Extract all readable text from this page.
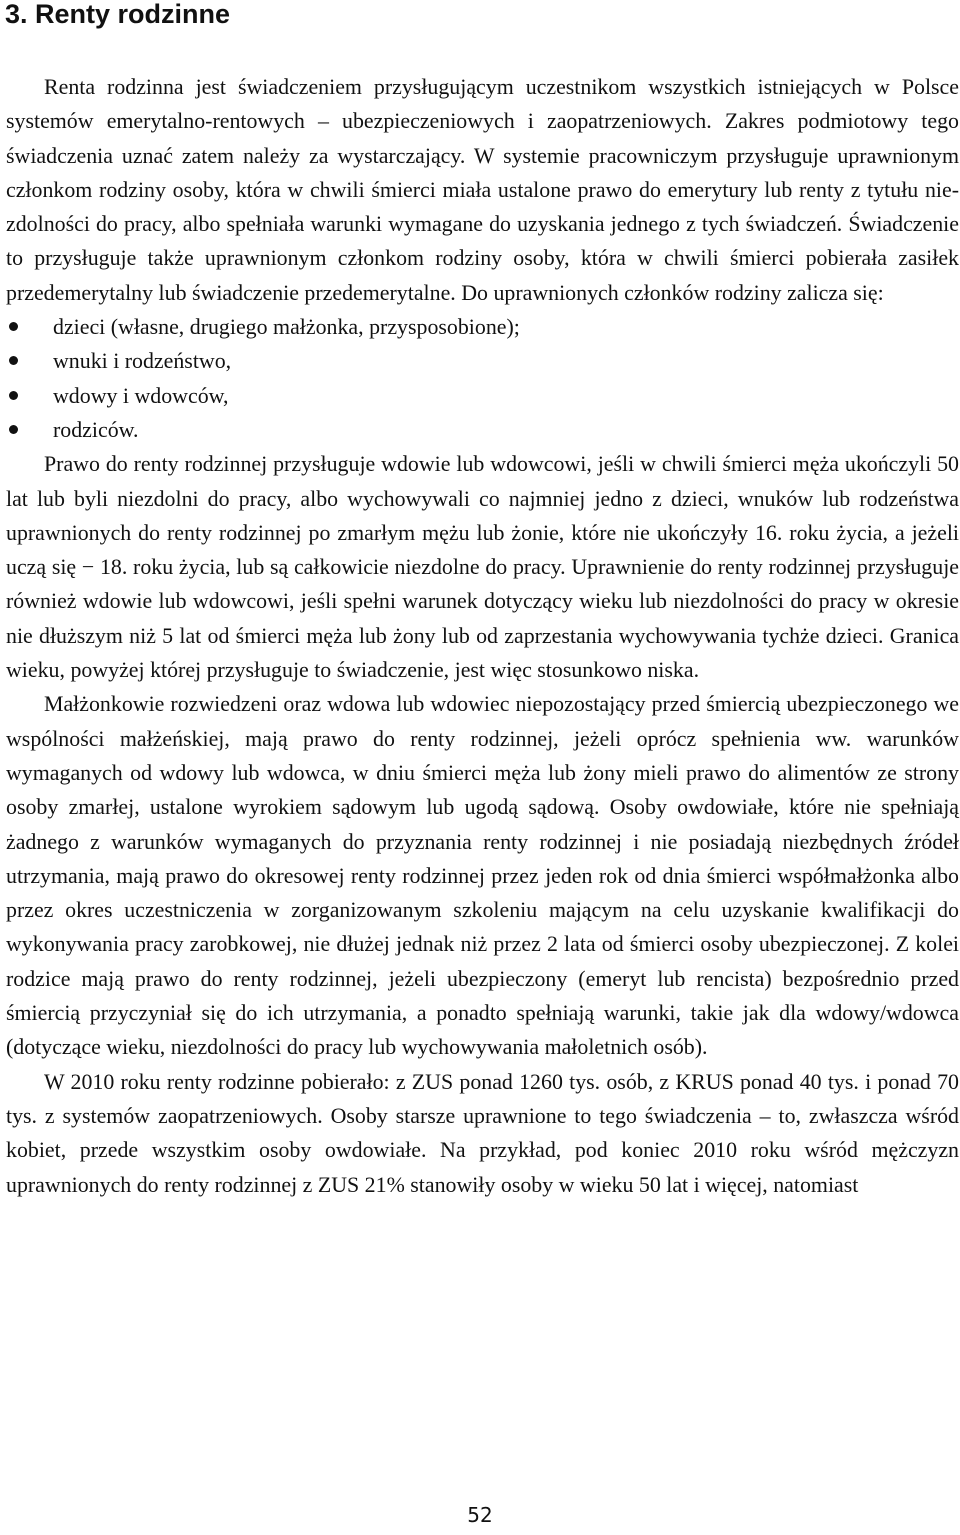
3. Renty rodzinne

Renta rodzinna jest świadczeniem przysługującym uczestnikom wszystkich istniejących w Polsce systemów emerytalno-rentowych – ubezpieczeniowych i zaopatrzeniowych. Zakres podmiotowy tego świadczenia uznać zatem należy za wystarczający. W systemie pracowniczym przysługuje uprawnionym członkom rodziny osoby, która w chwili śmierci miała ustalone prawo do emerytury lub renty z tytułu nie-zdolności do pracy, albo spełniała warunki wymagane do uzyskania jednego z tych świadczeń. Świadczenie to przysługuje także uprawnionym członkom rodziny osoby, która w chwili śmierci pobierała zasiłek przedemerytalny lub świadczenie przedemerytalne. Do uprawnionych członków rodziny zalicza się:

dzieci (własne, drugiego małżonka, przysposobione);
wnuki i rodzeństwo,
wdowy i wdowców,
rodziców.

Prawo do renty rodzinnej przysługuje wdowie lub wdowcowi, jeśli w chwili śmierci męża ukończyli 50 lat lub byli niezdolni do pracy, albo wychowywali co najmniej jedno z dzieci, wnuków lub rodzeństwa uprawnionych do renty rodzinnej po zmarłym mężu lub żonie, które nie ukończyły 16. roku życia, a jeżeli uczą się − 18. roku życia, lub są całkowicie niezdolne do pracy. Uprawnienie do renty rodzinnej przysługuje również wdowie lub wdowcowi, jeśli spełni warunek dotyczący wieku lub niezdolności do pracy w okresie nie dłuższym niż 5 lat od śmierci męża lub żony lub od zaprzestania wychowywania tychże dzieci. Granica wieku, powyżej której przysługuje to świadczenie, jest więc stosunkowo niska.

Małżonkowie rozwiedzeni oraz wdowa lub wdowiec niepozostający przed śmiercią ubezpieczonego we wspólności małżeńskiej, mają prawo do renty rodzinnej, jeżeli oprócz spełnienia ww. warunków wymaganych od wdowy lub wdowca, w dniu śmierci męża lub żony mieli prawo do alimentów ze strony osoby zmarłej, ustalone wyrokiem sądowym lub ugodą sądową. Osoby owdowiałe, które nie spełniają żadnego z warunków wymaganych do przyznania renty rodzinnej i nie posiadają niezbędnych źródeł utrzymania, mają prawo do okresowej renty rodzinnej przez jeden rok od dnia śmierci współmałżonka albo przez okres uczestniczenia w zorganizowanym szkoleniu mającym na celu uzyskanie kwalifikacji do wykonywania pracy zarobkowej, nie dłużej jednak niż przez 2 lata od śmierci osoby ubezpieczonej. Z kolei rodzice mają prawo do renty rodzinnej, jeżeli ubezpieczony (emeryt lub rencista) bezpośrednio przed śmiercią przyczyniał się do ich utrzymania, a ponadto spełniają warunki, takie jak dla wdowy/wdowca (dotyczące wieku, niezdolności do pracy lub wychowywania małoletnich osób).

W 2010 roku renty rodzinne pobierało: z ZUS ponad 1260 tys. osób, z KRUS ponad 40 tys. i ponad 70 tys. z systemów zaopatrzeniowych. Osoby starsze uprawnione to tego świadczenia – to, zwłaszcza wśród kobiet, przede wszystkim osoby owdowiałe. Na przykład, pod koniec 2010 roku wśród mężczyzn uprawnionych do renty rodzinnej z ZUS 21% stanowiły osoby w wieku 50 lat i więcej, natomiast

52
